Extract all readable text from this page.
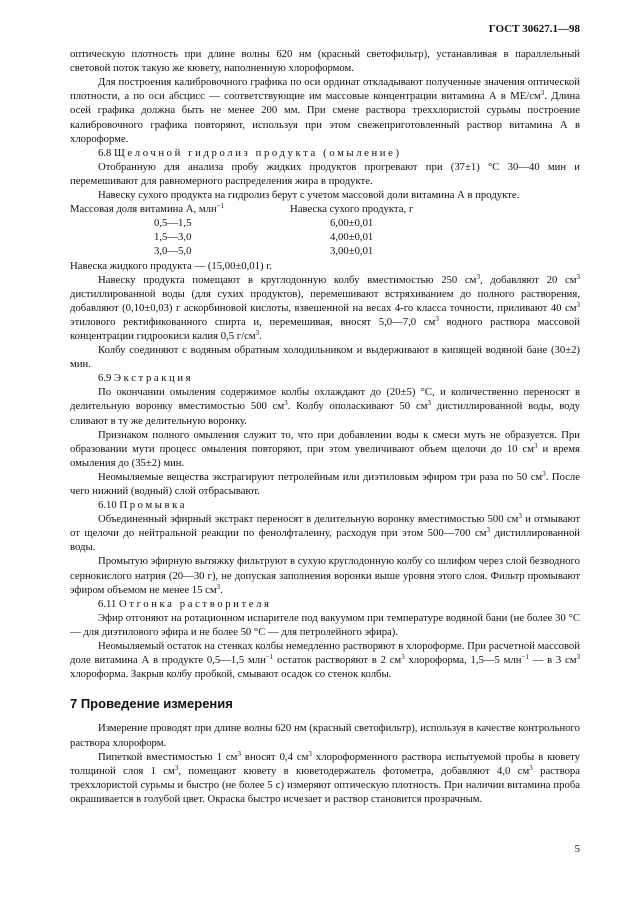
ГОСТ 30627.1—98

оптическую плотность при длине волны 620 нм (красный светофильтр), устанавливая в параллельный световой поток такую же кювету, наполненную хлороформом.

Для построения калибровочного графика по оси ординат откладывают полученные значения оптической плотности, а по оси абсцисс — соответствующие им массовые концентрации витамина А в $МЕ/см^3$. Длина осей графика должна быть не менее 200 мм. При смене раствора треххлористой сурьмы построение калибровочного графика повторяют, используя при этом свежеприготовленный раствор витамина А в хлороформе.

6.8 Щелочной гидролиз продукта (омыление)

Отобранную для анализа пробу жидких продуктов прогревают при (37±1) °С 30—40 мин и перемешивают для равномерного распределения жира в продукте.

Навеску сухого продукта на гидролиз берут с учетом массовой доли витамина А в продукте.

Массовая доля витамина А, млн$^{-1}$	Навеска сухого продукта, г
0,5—1,5	6,00±0,01
1,5—3,0	4,00±0,01
3,0—5,0	3,00±0,01

Навеска жидкого продукта — (15,00±0,01) г.

Навеску продукта помещают в круглодонную колбу вместимостью 250 $см^3$, добавляют 20 $см^3$ дистиллированной воды (для сухих продуктов), перемешивают встряхиванием до полного растворения, добавляют (0,10±0,03) г аскорбиновой кислоты, взвешенной на весах 4-го класса точности, приливают 40 $см^3$ этилового ректификованного спирта и, перемешивая, вносят 5,0—7,0 $см^3$ водного раствора массовой концентрации гидроокиси калия 0,5 $г/см^3$.

Колбу соединяют с водяным обратным холодильником и выдерживают в кипящей водяной бане (30±2) мин.

6.9 Экстракция

По окончании омыления содержимое колбы охлаждают до (20±5) °С, и количественно переносят в делительную воронку вместимостью 500 $см^3$. Колбу ополаскивают 50 $см^3$ дистиллированной воды, воду сливают в ту же делительную воронку.

Признаком полного омыления служит то, что при добавлении воды к смеси муть не образуется. При образовании мути процесс омыления повторяют, при этом увеличивают объем щелочи до 10 $см^3$ и время омыления до (35±2) мин.

Неомыляемые вещества экстрагируют петролейным или диэтиловым эфиром три раза по 50 $см^3$. После чего нижний (водный) слой отбрасывают.

6.10 Промывка

Объединенный эфирный экстракт переносят в делительную воронку вместимостью 500 $см^3$ и отмывают от щелочи до нейтральной реакции по фенолфталеину, расходуя при этом 500—700 $см^3$ дистиллированной воды.

Промытую эфирную вытяжку фильтруют в сухую круглодонную колбу со шлифом через слой безводного сернокислого натрия (20—30 г), не допуская заполнения воронки выше уровня этого слоя. Фильтр промывают эфиром объемом не менее 15 $см^3$.

6.11 Отгонка растворителя

Эфир отгоняют на ротационном испарителе под вакуумом при температуре водяной бани (не более 30 °С — для диэтилового эфира и не более 50 °С — для петролейного эфира).

Неомыляемый остаток на стенках колбы немедленно растворяют в хлороформе. При расчетной массовой доле витамина А в продукте 0,5—1,5 млн$^{-1}$ остаток растворяют в 2 $см^3$ хлороформа, 1,5—5 млн$^{-1}$ — в 3 $см^3$ хлороформа. Закрыв колбу пробкой, смывают осадок со стенок колбы.

7 Проведение измерения

Измерение проводят при длине волны 620 нм (красный светофильтр), используя в качестве контрольного раствора хлороформ.

Пипеткой вместимостью 1 $см^3$ вносят 0,4 $см^3$ хлороформенного раствора испытуемой пробы в кювету толщиной слоя 1 $см^3$, помещают кювету в кюветодержатель фотометра, добавляют 4,0 $см^3$ раствора треххлористой сурьмы и быстро (не более 5 с) измеряют оптическую плотность. При наличии витамина проба окрашивается в голубой цвет. Окраска быстро исчезает и раствор становится прозрачным.

5
